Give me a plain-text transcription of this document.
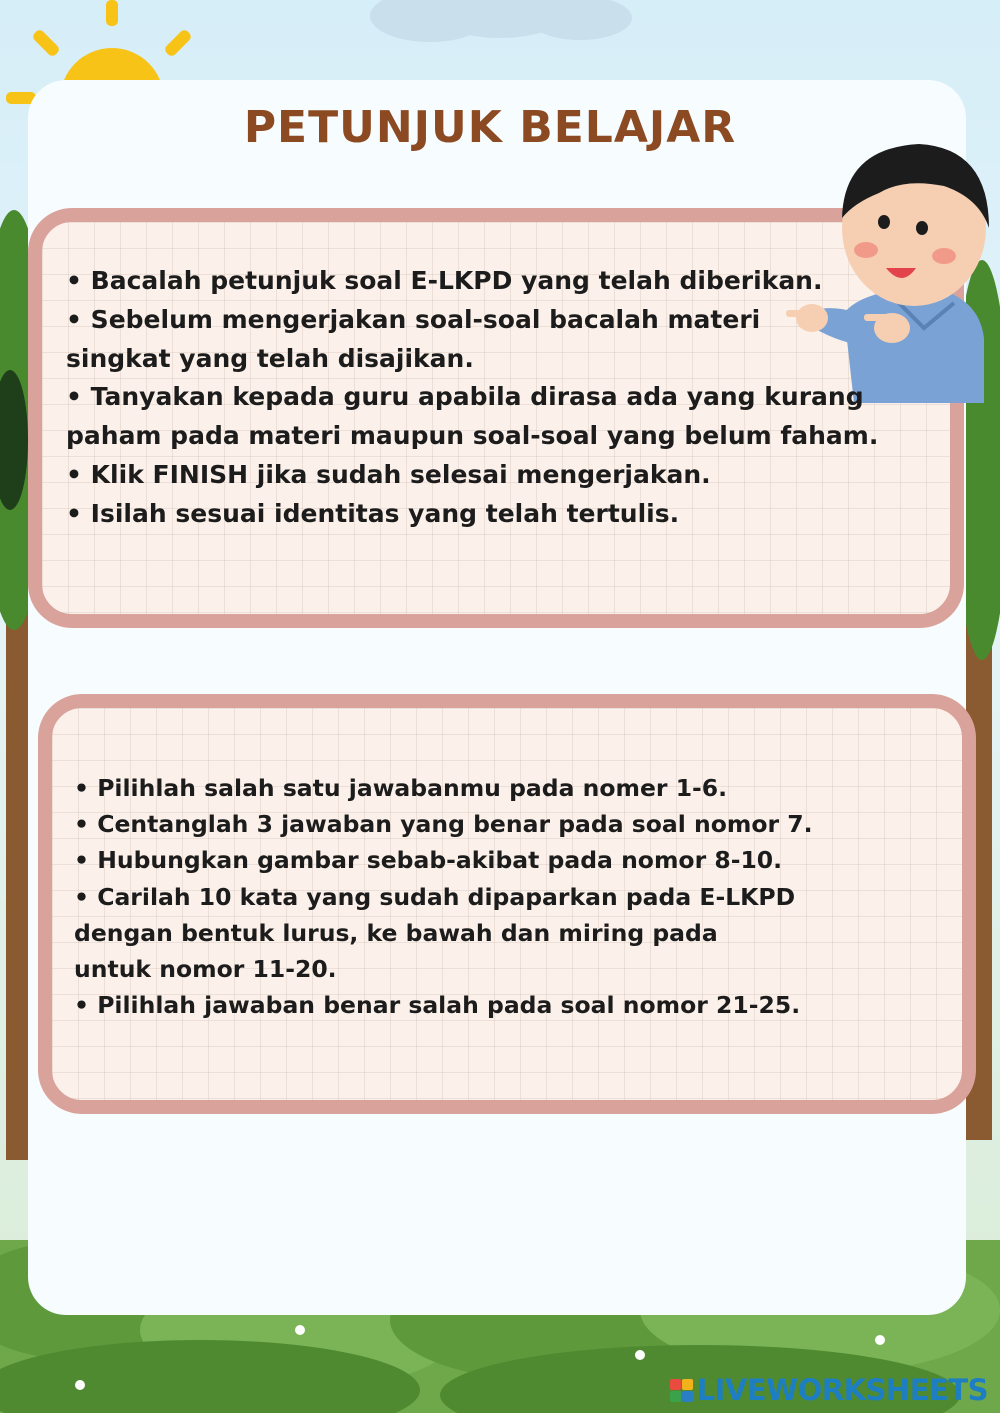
PETUNJUK BELAJAR
• Bacalah petunjuk soal E-LKPD yang telah diberikan.
• Sebelum mengerjakan soal-soal bacalah materi
singkat yang telah disajikan.
• Tanyakan kepada guru apabila dirasa ada yang kurang
paham pada materi maupun soal-soal yang belum faham.
• Klik FINISH jika sudah selesai mengerjakan.
• Isilah sesuai identitas yang telah tertulis.
• Pilihlah salah satu jawabanmu pada nomer 1-6.
• Centanglah 3 jawaban yang benar pada soal nomor 7.
• Hubungkan gambar sebab-akibat pada nomor 8-10.
• Carilah 10 kata yang sudah dipaparkan pada E-LKPD
dengan bentuk lurus, ke bawah dan miring pada
untuk nomor 11-20.
• Pilihlah jawaban benar salah pada soal nomor 21-25.
LIVEWORKSHEETS
